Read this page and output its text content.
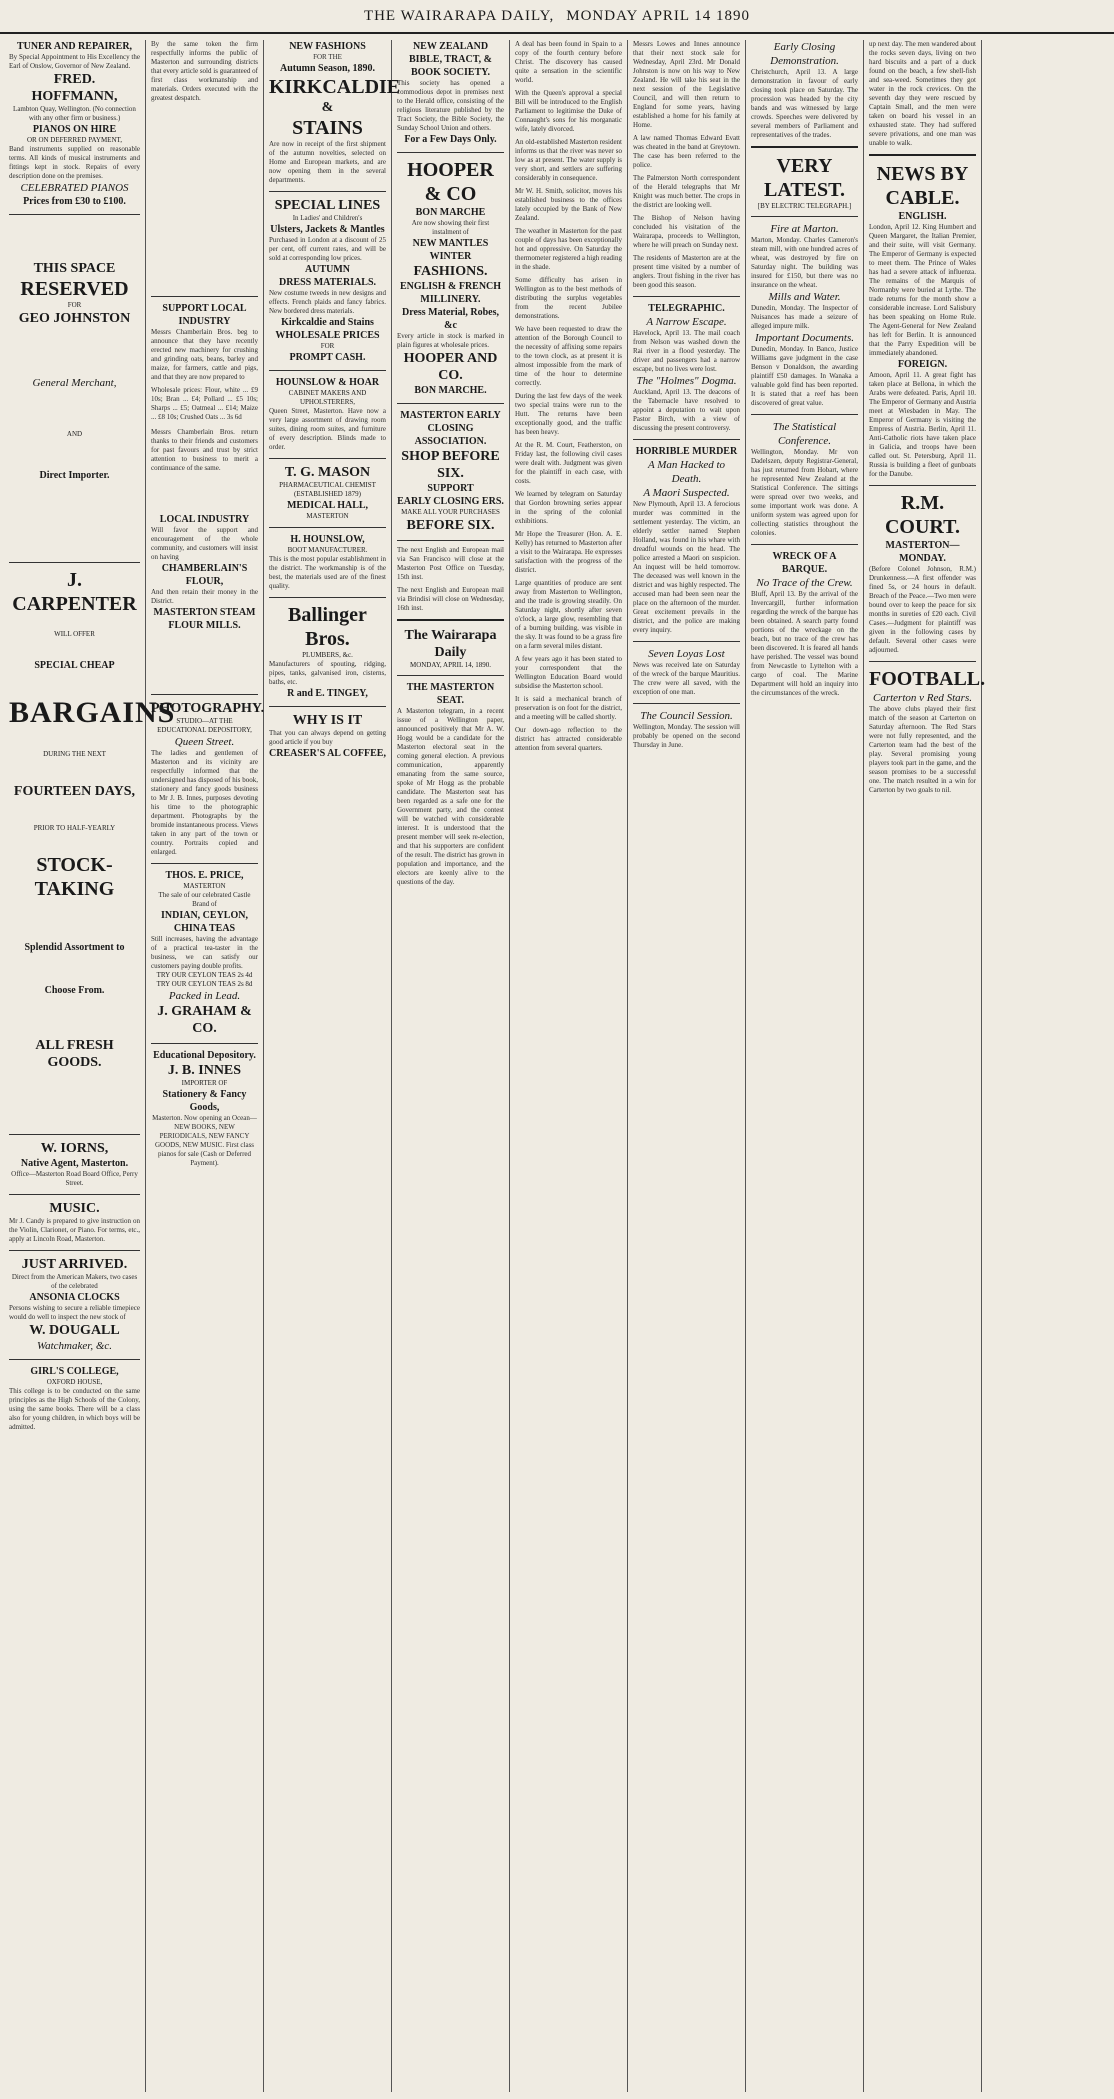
THE WAIRARAPA DAILY, MONDAY APRIL 14 1890
TUNER AND REPAIRER,
By Special Appointment to His Excellency the Earl of Onslow, Governor of New Zealand.
FRED. HOFFMANN,
Lambton Quay, Wellington. (No connection with any other firm or business.)
PIANOS ON HIRE
OR ON DEFERRED PAYMENT,
Band instruments supplied on reasonable terms. All kinds of musical instruments and fittings kept in stock. Repairs of every description done on the premises.
CELEBRATED PIANOS
Prices from £30 to £100.
THIS SPACE
RESERVED
FOR
GEO JOHNSTON
General Merchant,
AND
Direct Importer.
J. CARPENTER
WILL OFFER
SPECIAL CHEAP
BARGAINS
DURING THE NEXT
FOURTEEN DAYS,
PRIOR TO HALF-YEARLY
STOCK-TAKING
Splendid Assortment to
Choose From.
ALL FRESH GOODS.
W. IORNS,
Native Agent, Masterton.
Office—Masterton Road Board Office, Perry Street.
MUSIC.
Mr J. Candy is prepared to give instruction on the Violin, Clarionet, or Piano. For terms, etc., apply at Lincoln Road, Masterton.
JUST ARRIVED.
Direct from the American Makers, two cases of the celebrated
ANSONIA CLOCKS
Persons wishing to secure a reliable timepiece would do well to inspect the new stock of
W. DOUGALL
Watchmaker, &c.
GIRL'S COLLEGE,
OXFORD HOUSE,
This college is to be conducted on the same principles as the High Schools of the Colony, using the same books. There will be a class also for young children, in which boys will be admitted.
By the same token the firm respectfully informs the public of Masterton and surrounding districts that every article sold is guaranteed of first class workmanship and materials. Orders executed with the greatest despatch.
SUPPORT LOCAL INDUSTRY
Messrs Chamberlain Bros. beg to announce that they have recently erected new machinery for crushing and grinding oats, beans, barley and maize, for farmers, cattle and pigs, and that they are now prepared to
Wholesale prices: Flour, white ... £9 10s; Bran ... £4; Pollard ... £5 10s; Sharps ... £5; Oatmeal ... £14; Maize ... £8 10s; Crushed Oats ... 3s 6d
Messrs Chamberlain Bros. return thanks to their friends and customers for past favours and trust by strict attention to business to merit a continuance of the same.
LOCAL INDUSTRY
Will favor the support and encouragement of the whole community, and customers will insist on having
CHAMBERLAIN'S FLOUR,
And then retain their money in the District.
MASTERTON STEAM FLOUR MILLS.
PHOTOGRAPHY.
STUDIO—AT THE EDUCATIONAL DEPOSITORY,
Queen Street.
The ladies and gentlemen of Masterton and its vicinity are respectfully informed that the undersigned has disposed of his book, stationery and fancy goods business to Mr J. B. Innes, purposes devoting his time to the photographic department. Photographs by the bromide instantaneous process. Views taken in any part of the town or country. Portraits copied and enlarged.
THOS. E. PRICE,
MASTERTON
The sale of our celebrated Castle Brand of
INDIAN, CEYLON,
CHINA TEAS
Still increases, having the advantage of a practical tea-taster in the business, we can satisfy our customers paying double profits.
TRY OUR CEYLON TEAS 2s 4d
TRY OUR CEYLON TEAS 2s 8d
Packed in Lead.
J. GRAHAM & CO.
Educational Depository.
J. B. INNES
IMPORTER OF
Stationery & Fancy Goods,
Masterton. Now opening an Ocean— NEW BOOKS, NEW PERIODICALS, NEW FANCY GOODS, NEW MUSIC. First class pianos for sale (Cash or Deferred Payment).
NEW FASHIONS
FOR THE
Autumn Season, 1890.
KIRKCALDIE
&
STAINS
Are now in receipt of the first shipment of the autumn novelties, selected on Home and European markets, and are now opening them in the several departments.
SPECIAL LINES
In Ladies' and Children's
Ulsters, Jackets & Mantles
Purchased in London at a discount of 25 per cent, off current rates, and will be sold at corresponding low prices.
AUTUMN
DRESS MATERIALS.
New costume tweeds in new designs and effects. French plaids and fancy fabrics. New bordered dress materials.
Kirkcaldie and Stains
WHOLESALE PRICES
FOR
PROMPT CASH.
HOUNSLOW & HOAR
CABINET MAKERS AND UPHOLSTERERS,
Queen Street, Masterton. Have now a very large assortment of drawing room suites, dining room suites, and furniture of every description. Blinds made to order.
T. G. MASON
PHARMACEUTICAL CHEMIST
(ESTABLISHED 1879)
MEDICAL HALL,
MASTERTON
H. HOUNSLOW,
BOOT MANUFACTURER.
This is the most popular establishment in the district. The workmanship is of the best, the materials used are of the finest quality.
Ballinger Bros.
PLUMBERS, &c.
Manufacturers of spouting, ridging, pipes, tanks, galvanised iron, cisterns, baths, etc.
R and E. TINGEY,
WHY IS IT
That you can always depend on getting good article if you buy
CREASER'S AL COFFEE,
NEW ZEALAND BIBLE, TRACT, & BOOK SOCIETY.
This society has opened a commodious depot in premises next to the Herald office, consisting of the religious literature published by the Tract Society, the Bible Society, the Sunday School Union and others.
For a Few Days Only.
HOOPER & CO
BON MARCHE
Are now showing their first instalment of
NEW MANTLES
WINTER
FASHIONS.
ENGLISH & FRENCH MILLINERY.
Dress Material, Robes, &c
Every article in stock is marked in plain figures at wholesale prices.
HOOPER AND CO.
BON MARCHE.
MASTERTON EARLY CLOSING ASSOCIATION.
SHOP BEFORE SIX.
SUPPORT
EARLY CLOSING ERS.
MAKE ALL YOUR PURCHASES
BEFORE SIX.
The next English and European mail via San Francisco will close at the Masterton Post Office on Tuesday, 15th inst.
The next English and European mail via Brindisi will close on Wednesday, 16th inst.
The Wairarapa Daily
MONDAY, APRIL 14, 1890.
THE MASTERTON SEAT.
A Masterton telegram, in a recent issue of a Wellington paper, announced positively that Mr A. W. Hogg would be a candidate for the Masterton electoral seat in the coming general election. A previous communication, apparently emanating from the same source, spoke of Mr Hogg as the probable candidate. The Masterton seat has been regarded as a safe one for the Government party, and the contest will be watched with considerable interest. It is understood that the present member will seek re-election, and that his supporters are confident of the result. The district has grown in population and importance, and the electors are keenly alive to the questions of the day.
A deal has been found in Spain to a copy of the fourth century before Christ. The discovery has caused quite a sensation in the scientific world.
With the Queen's approval a special Bill will be introduced to the English Parliament to legitimise the Duke of Connaught's sons for his morganatic wife, lately divorced.
An old-established Masterton resident informs us that the river was never so low as at present. The water supply is very short, and settlers are suffering considerably in consequence.
Mr W. H. Smith, solicitor, moves his established business to the offices lately occupied by the Bank of New Zealand.
The weather in Masterton for the past couple of days has been exceptionally hot and oppressive. On Saturday the thermometer registered a high reading in the shade.
Some difficulty has arisen in Wellington as to the best methods of distributing the surplus vegetables from the recent Jubilee demonstrations.
We have been requested to draw the attention of the Borough Council to the necessity of affixing some repairs to the town clock, as at present it is almost impossible from the mark of time of the hour to determine correctly.
During the last few days of the week two special trains were run to the Hutt. The returns have been exceptionally good, and the traffic has been heavy.
At the R. M. Court, Featherston, on Friday last, the following civil cases were dealt with. Judgment was given for the plaintiff in each case, with costs.
We learned by telegram on Saturday that Gordon browning series appear in the spring of the colonial exhibitions.
Mr Hope the Treasurer (Hon. A. E. Kelly) has returned to Masterton after a visit to the Wairarapa. He expresses satisfaction with the progress of the district.
Large quantities of produce are sent away from Masterton to Wellington, and the trade is growing steadily. On Saturday night, shortly after seven o'clock, a large glow, resembling that of a burning building, was visible in the sky. It was found to be a grass fire on a farm several miles distant.
A few years ago it has been stated to your correspondent that the Wellington Education Board would subsidise the Masterton school.
It is said a mechanical branch of preservation is on foot for the district, and a meeting will be called shortly.
Our down-ago reflection to the district has attracted considerable attention from several quarters.
Messrs Lowes and Innes announce that their next stock sale for Wednesday, April 23rd. Mr Donald Johnston is now on his way to New Zealand. He will take his seat in the next session of the Legislative Council, and will then return to England for some years, having established a home for his family at Home.
A law named Thomas Edward Evatt was cheated in the band at Greytown. The case has been referred to the police.
The Palmerston North correspondent of the Herald telegraphs that Mr Knight was much better. The crops in the district are looking well.
The Bishop of Nelson having concluded his visitation of the Wairarapa, proceeds to Wellington, where he will preach on Sunday next.
The residents of Masterton are at the present time visited by a number of anglers. Trout fishing in the river has been good this season.
TELEGRAPHIC.
A Narrow Escape.
Havelock, April 13. The mail coach from Nelson was washed down the Rai river in a flood yesterday. The driver and passengers had a narrow escape, but no lives were lost.
The "Holmes" Dogma.
Auckland, April 13. The deacons of the Tabernacle have resolved to appoint a deputation to wait upon Pastor Birch, with a view of discussing the present controversy.
HORRIBLE MURDER
A Man Hacked to Death.
A Maori Suspected.
New Plymouth, April 13. A ferocious murder was committed in the settlement yesterday. The victim, an elderly settler named Stephen Holland, was found in his whare with dreadful wounds on the head. The police arrested a Maori on suspicion. An inquest will be held tomorrow. The deceased was well known in the district and was highly respected. The accused man had been seen near the place on the afternoon of the murder. Great excitement prevails in the district, and the police are making every inquiry.
Seven Loyas Lost
News was received late on Saturday of the wreck of the barque Mauritius. The crew were all saved, with the exception of one man.
The Council Session.
Wellington, Monday. The session will probably be opened on the second Thursday in June.
Early Closing Demonstration.
Christchurch, April 13. A large demonstration in favour of early closing took place on Saturday. The procession was headed by the city bands and was witnessed by large crowds. Speeches were delivered by several members of Parliament and representatives of the trades.
VERY LATEST.
[BY ELECTRIC TELEGRAPH.]
Fire at Marton.
Marton, Monday. Charles Cameron's steam mill, with one hundred acres of wheat, was destroyed by fire on Saturday night. The building was insured for £150, but there was no insurance on the wheat.
Mills and Water.
Dunedin, Monday. The Inspector of Nuisances has made a seizure of alleged impure milk.
Important Documents.
Dunedin, Monday. In Banco, Justice Williams gave judgment in the case Benson v Donaldson, the awarding plaintiff £50 damages. In Wanaka a valuable gold find has been reported. It is stated that a reef has been discovered of great value.
The Statistical Conference.
Wellington, Monday. Mr von Dadelszen, deputy Registrar-General, has just returned from Hobart, where he represented New Zealand at the Statistical Conference. The sittings were spread over two weeks, and some important work was done. A uniform system was agreed upon for collecting statistics throughout the colonies.
WRECK OF A BARQUE.
No Trace of the Crew.
Bluff, April 13. By the arrival of the Invercargill, further information regarding the wreck of the barque has been obtained. A search party found portions of the wreckage on the beach, but no trace of the crew has been discovered. It is feared all hands have perished. The vessel was bound from Newcastle to Lyttelton with a cargo of coal. The Marine Department will hold an inquiry into the circumstances of the wreck.
up next day. The men wandered about the rocks seven days, living on two hard biscuits and a part of a duck found on the beach, a few shell-fish and sea-weed. Sometimes they got water in the rock crevices. On the seventh day they were rescued by Captain Small, and the men were taken on board his vessel in an exhausted state. They had suffered severe privations, and one man was unable to walk.
NEWS BY CABLE.
ENGLISH.
London, April 12. King Humbert and Queen Margaret, the Italian Premier, and their suite, will visit Germany. The Emperor of Germany is expected to meet them. The Prince of Wales has had a severe attack of influenza. The remains of the Marquis of Normanby were buried at Lythe. The trade returns for the month show a considerable increase. Lord Salisbury has been speaking on Home Rule. The Agent-General for New Zealand has left for Berlin. It is announced that the Parry Expedition will be immediately abandoned.
FOREIGN.
Amoon, April 11. A great fight has taken place at Bellona, in which the Arabs were defeated. Paris, April 10. The Emperor of Germany and Austria meet at Wiesbaden in May. The Emperor of Germany is visiting the Empress of Austria. Berlin, April 11. Anti-Catholic riots have taken place in Galicia, and troops have been called out. St. Petersburg, April 11. Russia is building a fleet of gunboats for the Danube.
R.M. COURT.
MASTERTON—MONDAY.
(Before Colonel Johnson, R.M.) Drunkenness.—A first offender was fined 5s, or 24 hours in default. Breach of the Peace.—Two men were bound over to keep the peace for six months in sureties of £20 each. Civil Cases.—Judgment for plaintiff was given in the following cases by default. Several other cases were adjourned.
FOOTBALL.
Carterton v Red Stars.
The above clubs played their first match of the season at Carterton on Saturday afternoon. The Red Stars were not fully represented, and the Carterton team had the best of the play. Several promising young players took part in the game, and the season promises to be a successful one. The match resulted in a win for Carterton by two goals to nil.
